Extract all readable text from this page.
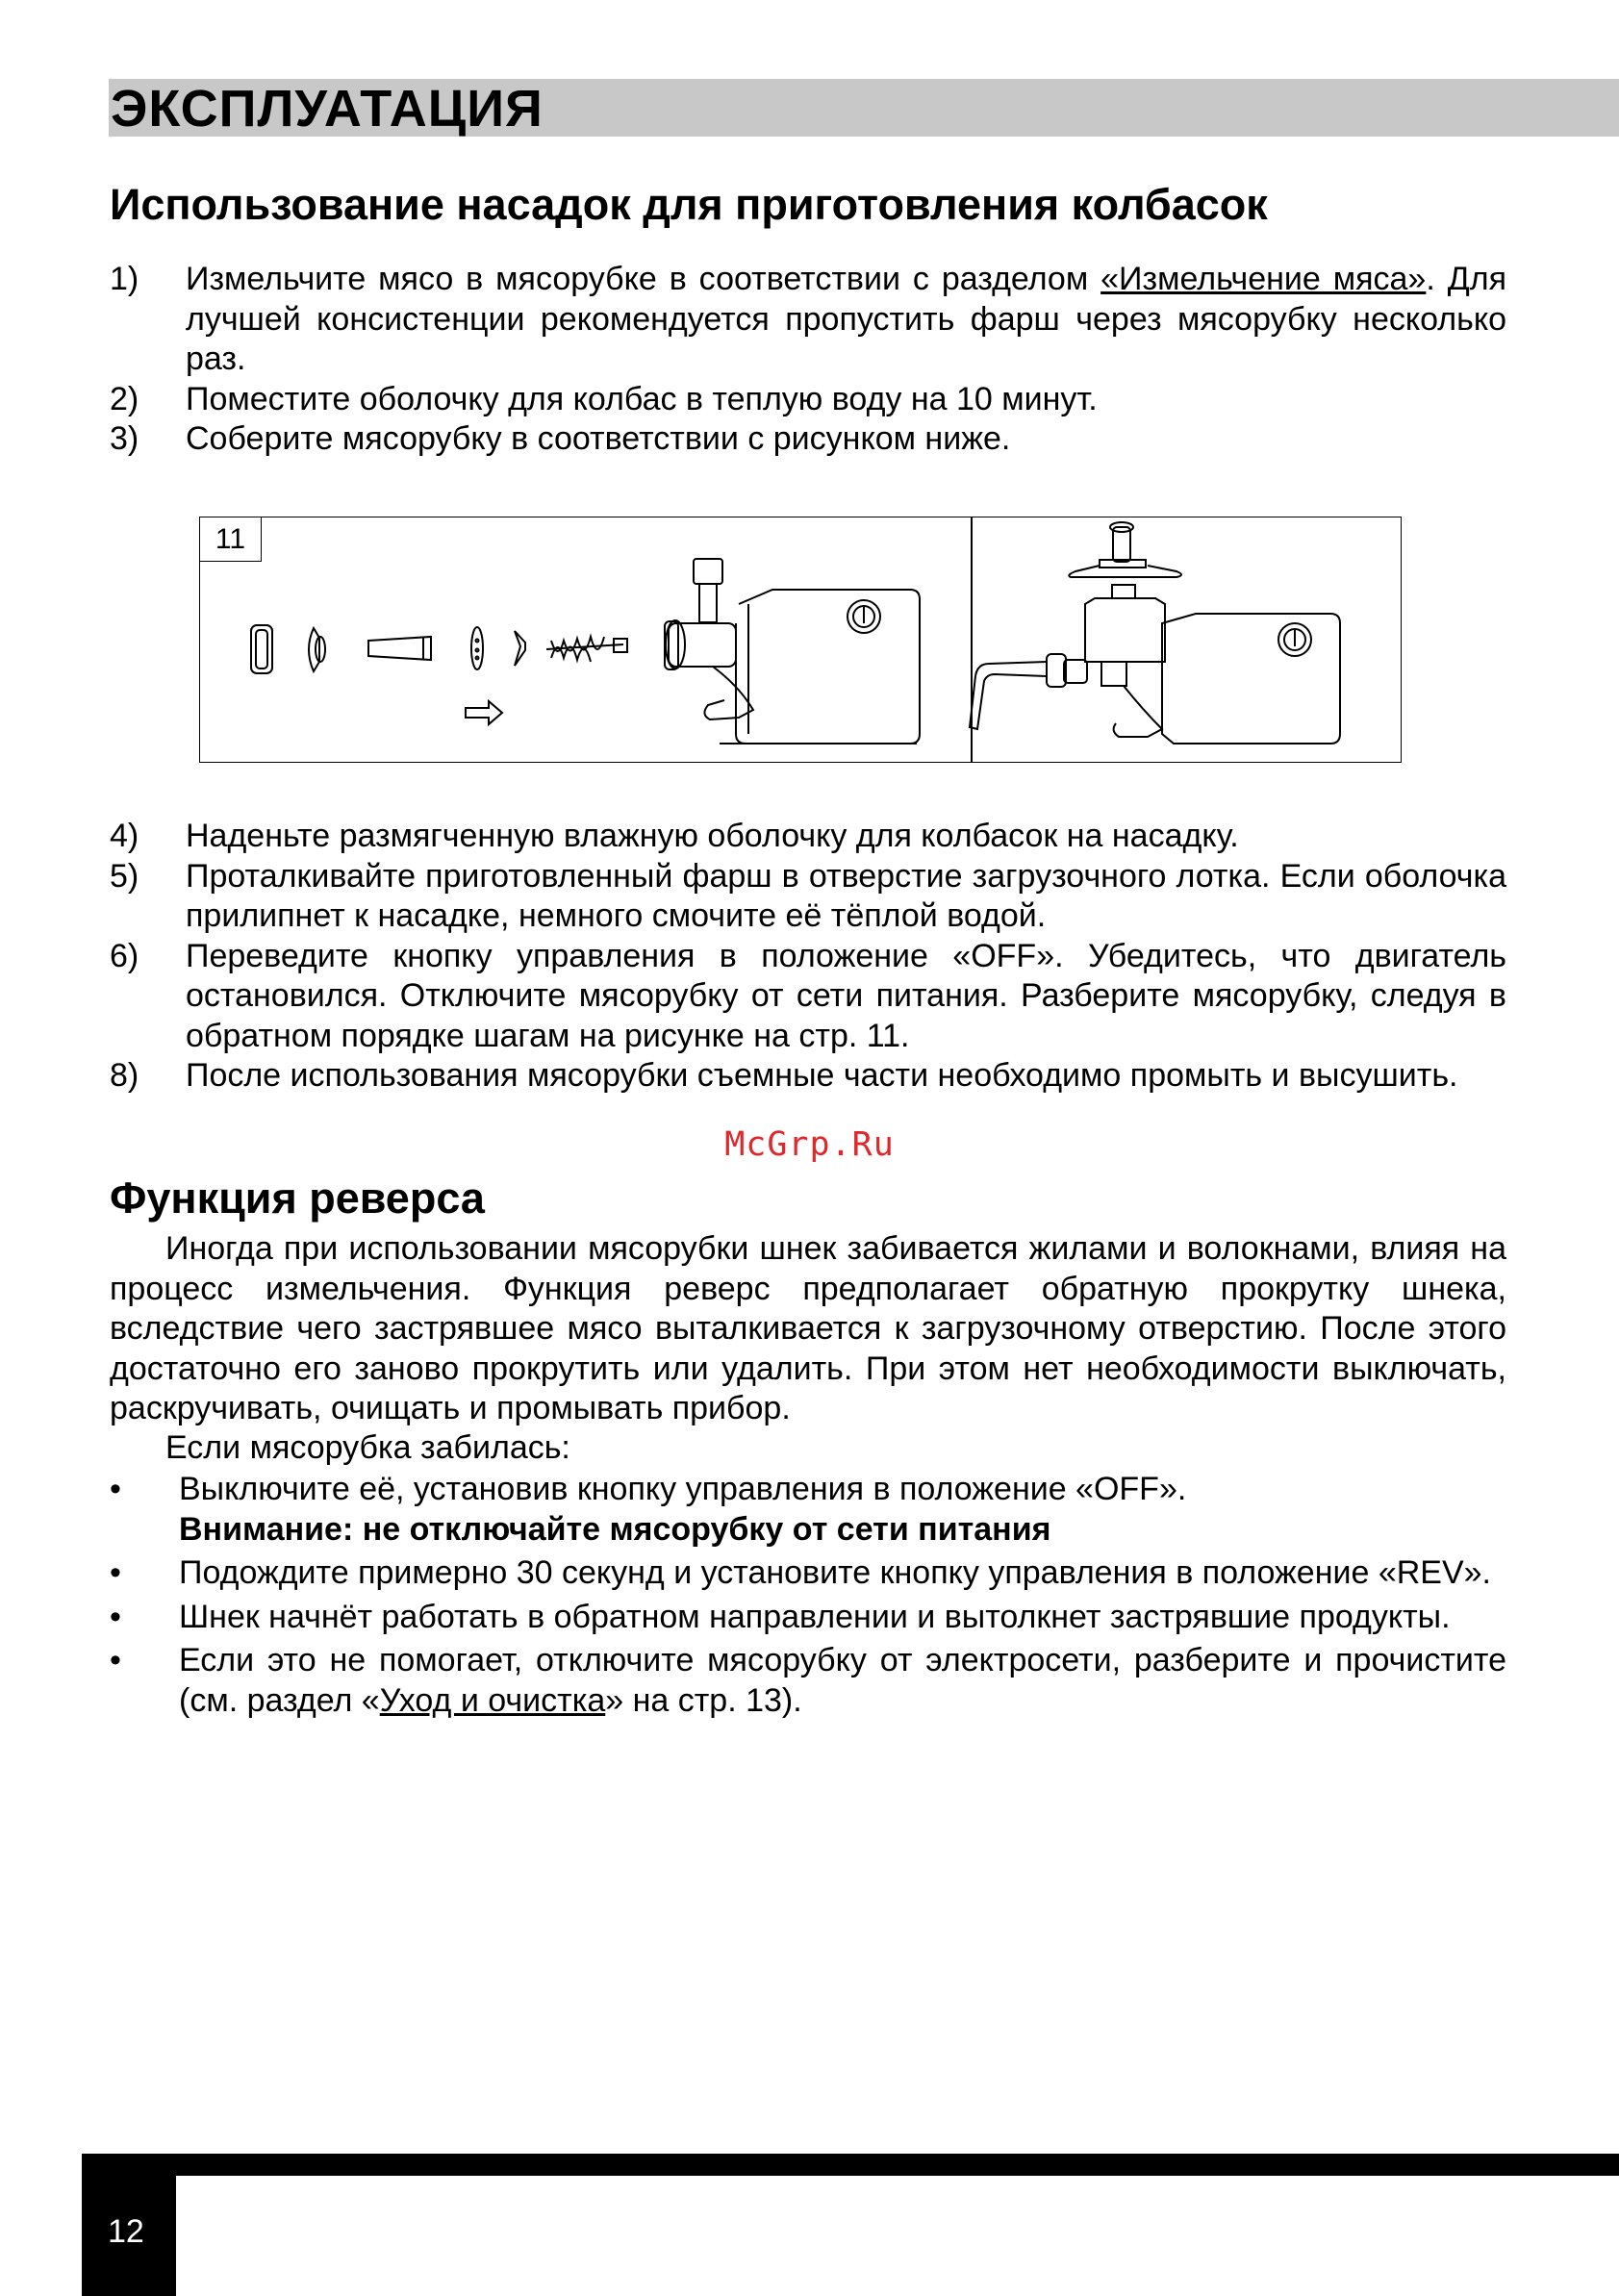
ЭКСПЛУАТАЦИЯ
Использование насадок для приготовления колбасок
1)	Измельчите мясо в мясорубке в соответствии с разделом «Измельчение мяса». Для лучшей консистенции рекомендуется пропустить фарш через мясорубку несколько раз.
2)	Поместите оболочку для колбас в теплую воду на 10 минут.
3)	Соберите мясорубку в соответствии с рисунком ниже.
11
4)	Наденьте размягченную влажную оболочку для колбасок на насадку.
5)	Проталкивайте приготовленный фарш в отверстие загрузочного лотка. Если оболочка прилипнет к насадке, немного смочите её тёплой водой.
6)	Переведите кнопку управления в положение «OFF». Убедитесь, что двигатель остановился. Отключите мясорубку от сети питания. Разберите мясорубку, следуя в обратном порядке шагам на рисунке на стр. 11.
8)	После использования мясорубки съемные части необходимо промыть и высушить.
McGrp.Ru
Функция реверса
Иногда при использовании мясорубки шнек забивается жилами и волокнами, влияя на процесс измельчения. Функция реверс предполагает обратную прокрутку шнека, вследствие чего застрявшее мясо выталкивается к загрузочному отверстию. После этого достаточно его заново прокрутить или удалить. При этом нет необходимости выключать, раскручивать, очищать и промывать прибор.
Если мясорубка забилась:
•	Выключите её, установив кнопку управления в положение «OFF».
Внимание: не отключайте мясорубку от сети питания
•	Подождите примерно 30 секунд и установите кнопку управления в положение «REV».
•	Шнек начнёт работать в обратном направлении и вытолкнет застрявшие продукты.
•	Если это не помогает, отключите мясорубку от электросети, разберите и прочистите (см. раздел «Уход и очистка» на стр. 13).
12
